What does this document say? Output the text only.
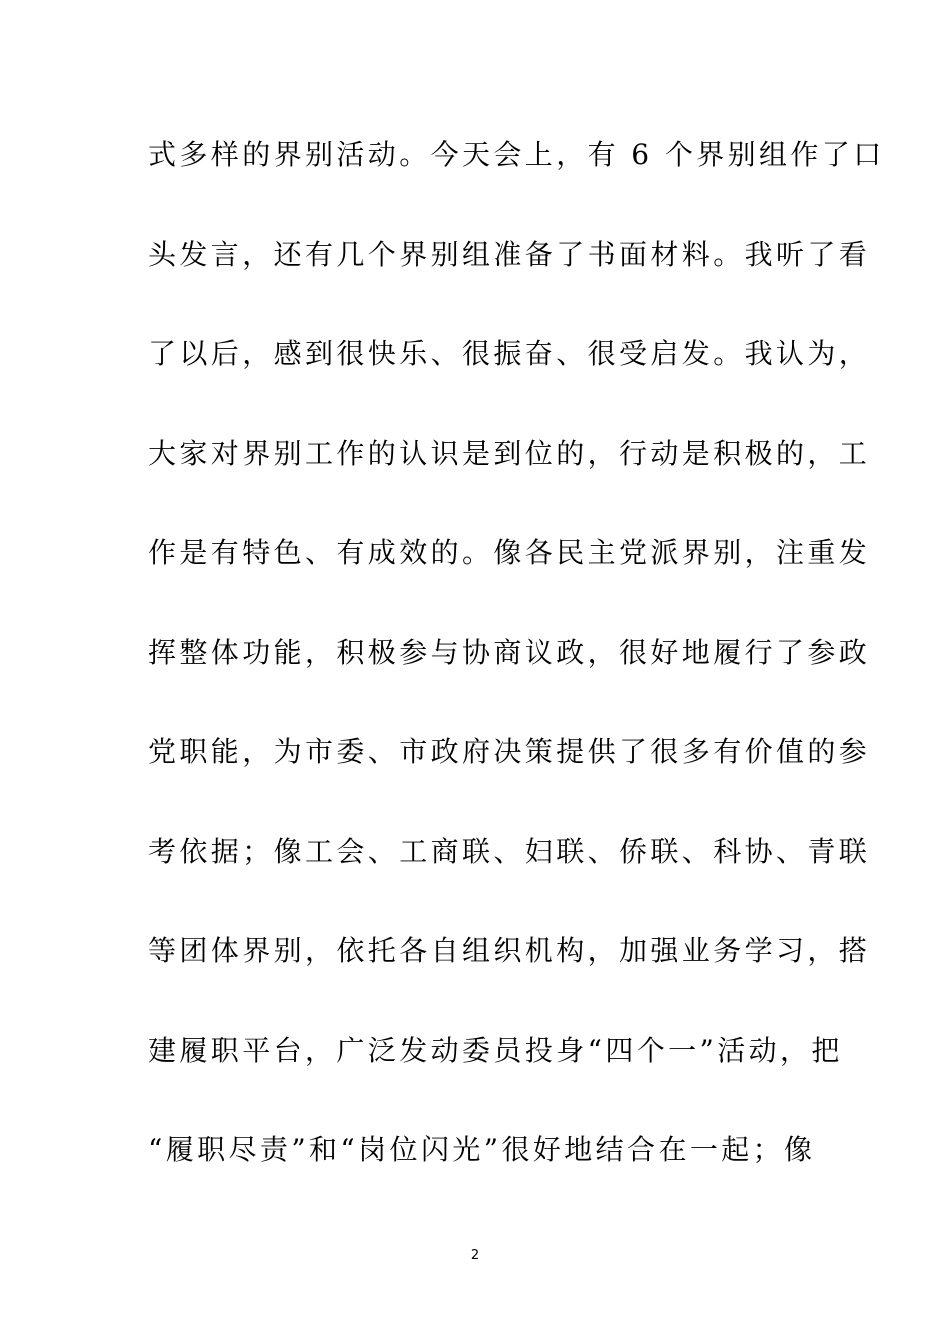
式多样的界别活动。今天会上，有 6 个界别组作了口
头发言，还有几个界别组准备了书面材料。我听了看
了以后，感到很快乐、很振奋、很受启发。我认为，
大家对界别工作的认识是到位的，行动是积极的，工
作是有特色、有成效的。像各民主党派界别，注重发
挥整体功能，积极参与协商议政，很好地履行了参政
党职能，为市委、市政府决策提供了很多有价值的参
考依据；像工会、工商联、妇联、侨联、科协、青联
等团体界别，依托各自组织机构，加强业务学习，搭
建履职平台，广泛发动委员投身“四个一”活动，把
“履职尽责”和“岗位闪光”很好地结合在一起；像
2
